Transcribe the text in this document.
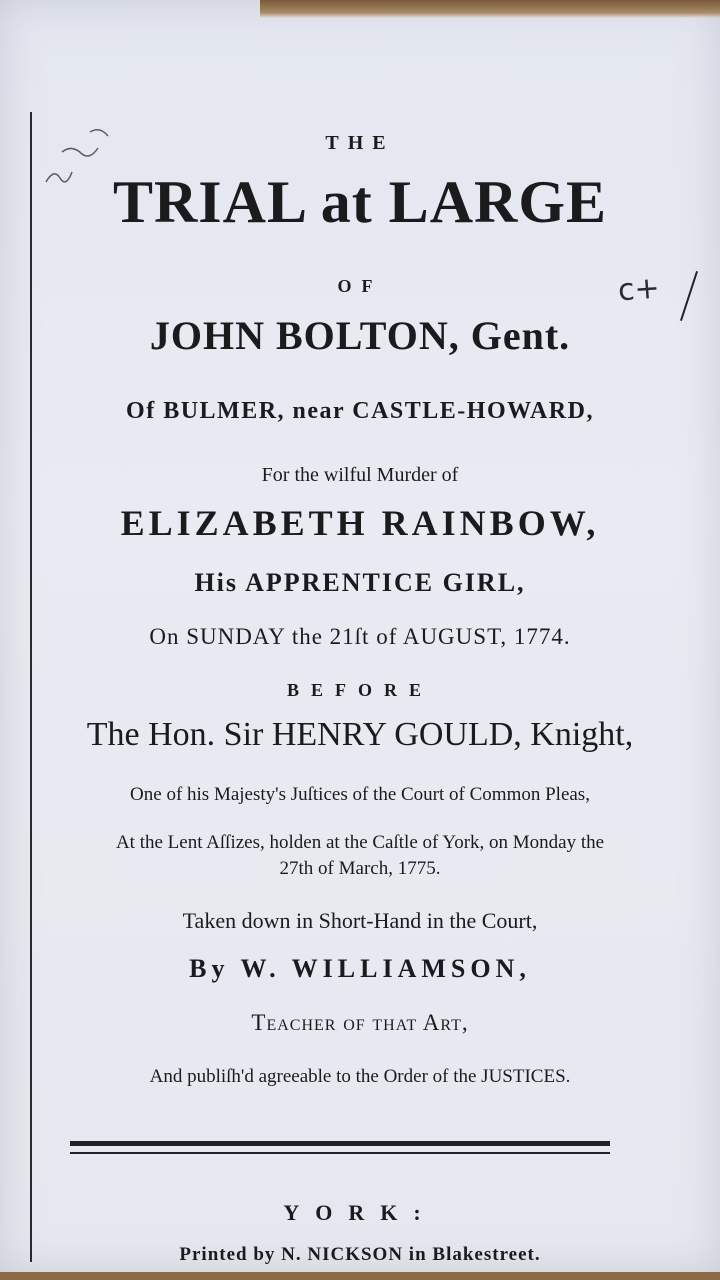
THE
TRIAL at LARGE
OF
JOHN BOLTON, Gent.
Of BULMER, near CASTLE-HOWARD,
For the wilful Murder of
ELIZABETH RAINBOW,
His APPRENTICE GIRL,
On SUNDAY the 21ſt of AUGUST, 1774.
BEFORE
The Hon. Sir HENRY GOULD, Knight,
One of his Majesty's Juſtices of the Court of Common Pleas,
At the Lent Aſſizes, holden at the Caſtle of York, on Monday the
27th of March, 1775.
Taken down in Short-Hand in the Court,
By W. WILLIAMSON,
Teacher of that Art,
And publiſh'd agreeable to the Order of the JUSTICES.
YORK:
Printed by N. NICKSON in Blakestreet.
c+
